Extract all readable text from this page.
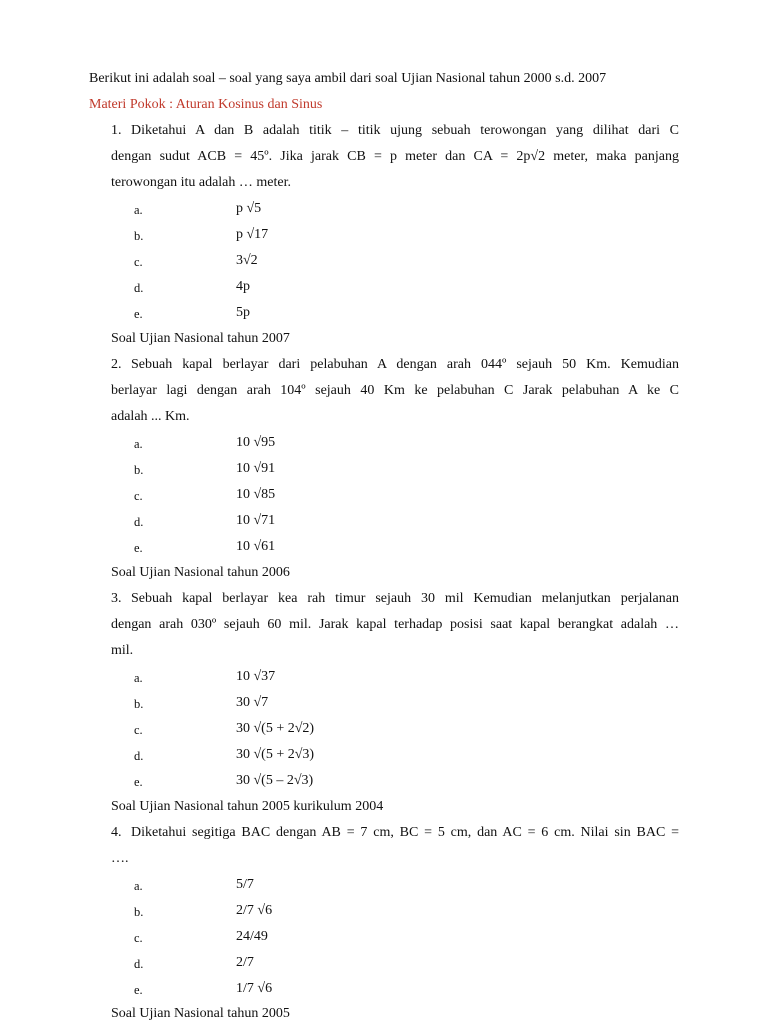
Berikut ini adalah soal – soal yang saya ambil dari soal Ujian Nasional tahun 2000 s.d. 2007
Materi Pokok : Aturan Kosinus dan Sinus
1. Diketahui A dan B adalah titik – titik ujung sebuah terowongan yang dilihat dari C
dengan sudut ACB = 45º. Jika jarak CB = p meter dan CA = 2p√2 meter, maka panjang
terowongan itu adalah … meter.
a.	p √5
b.	p √17
c.	3√2
d.	4p
e.	5p
Soal Ujian Nasional tahun 2007
2. Sebuah kapal berlayar dari pelabuhan A dengan arah 044º sejauh 50 Km. Kemudian
berlayar lagi dengan arah 104º sejauh 40 Km ke pelabuhan C Jarak pelabuhan A ke C
adalah ... Km.
a.	10 √95
b.	10 √91
c.	10 √85
d.	10 √71
e.	10 √61
Soal Ujian Nasional tahun 2006
3. Sebuah kapal berlayar kea rah timur sejauh 30 mil Kemudian melanjutkan perjalanan
dengan arah 030º sejauh 60 mil. Jarak kapal terhadap posisi saat kapal berangkat adalah …
mil.
a.	10 √37
b.	30 √7
c.	30 √(5 + 2√2)
d.	30 √(5 + 2√3)
e.	30 √(5 – 2√3)
Soal Ujian Nasional tahun 2005 kurikulum 2004
4. Diketahui segitiga BAC dengan AB = 7 cm, BC = 5 cm, dan AC = 6 cm. Nilai sin BAC =
….
a.	5/7
b.	2/7 √6
c.	24/49
d.	2/7
e.	1/7 √6
Soal Ujian Nasional tahun 2005
